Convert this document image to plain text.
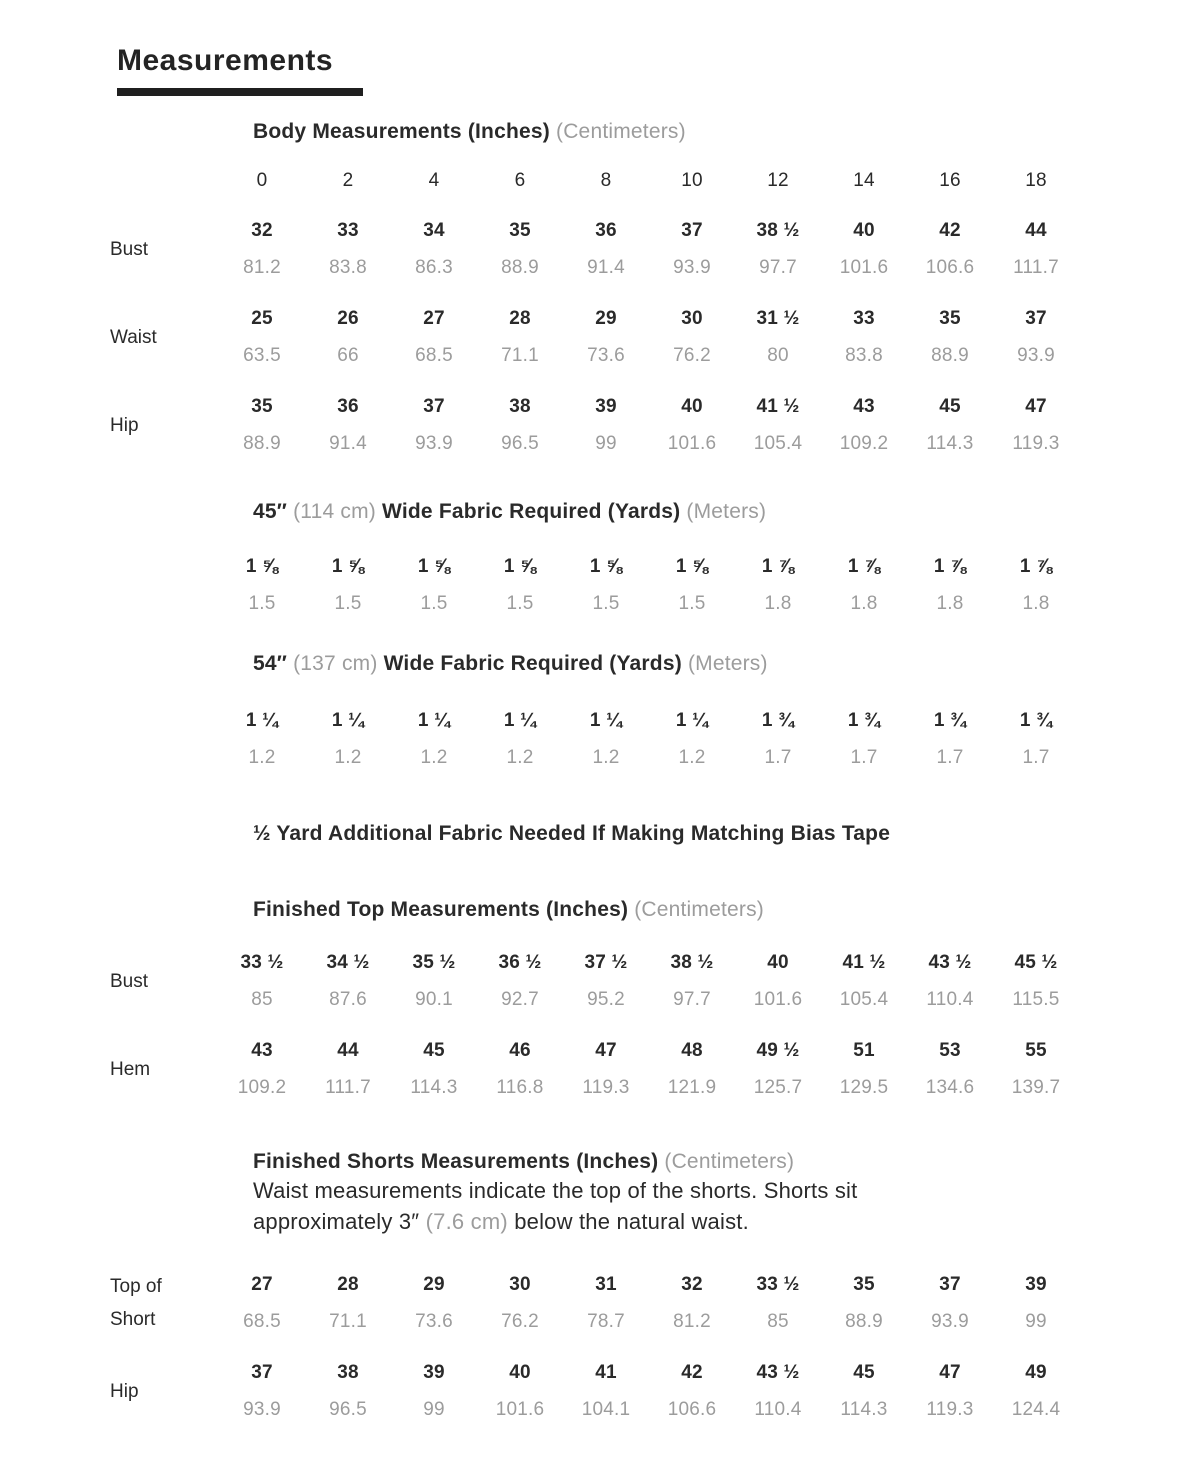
Measurements
Body Measurements (Inches) (Centimeters)
0	2	4	6	8	10	12	14	16	18
Bust
32	33	34	35	36	37	38 ½	40	42	44
81.2	83.8	86.3	88.9	91.4	93.9	97.7	101.6	106.6	111.7
Waist
25	26	27	28	29	30	31 ½	33	35	37
63.5	66	68.5	71.1	73.6	76.2	80	83.8	88.9	93.9
Hip
35	36	37	38	39	40	41 ½	43	45	47
88.9	91.4	93.9	96.5	99	101.6	105.4	109.2	114.3	119.3
45″ (114 cm) Wide Fabric Required (Yards) (Meters)
1 ⅝	1 ⅝	1 ⅝	1 ⅝	1 ⅝	1 ⅝	1 ⅞	1 ⅞	1 ⅞	1 ⅞
1.5	1.5	1.5	1.5	1.5	1.5	1.8	1.8	1.8	1.8
54″ (137 cm) Wide Fabric Required (Yards) (Meters)
1 ¼	1 ¼	1 ¼	1 ¼	1 ¼	1 ¼	1 ¾	1 ¾	1 ¾	1 ¾
1.2	1.2	1.2	1.2	1.2	1.2	1.7	1.7	1.7	1.7
½ Yard Additional Fabric Needed If Making Matching Bias Tape
Finished Top Measurements (Inches) (Centimeters)
Bust
33 ½	34 ½	35 ½	36 ½	37 ½	38 ½	40	41 ½	43 ½	45 ½
85	87.6	90.1	92.7	95.2	97.7	101.6	105.4	110.4	115.5
Hem
43	44	45	46	47	48	49 ½	51	53	55
109.2	111.7	114.3	116.8	119.3	121.9	125.7	129.5	134.6	139.7
Finished Shorts Measurements (Inches) (Centimeters)
Waist measurements indicate the top of the shorts. Shorts sit
approximately 3″ (7.6 cm) below the natural waist.
Top of Short
27	28	29	30	31	32	33 ½	35	37	39
68.5	71.1	73.6	76.2	78.7	81.2	85	88.9	93.9	99
Hip
37	38	39	40	41	42	43 ½	45	47	49
93.9	96.5	99	101.6	104.1	106.6	110.4	114.3	119.3	124.4
